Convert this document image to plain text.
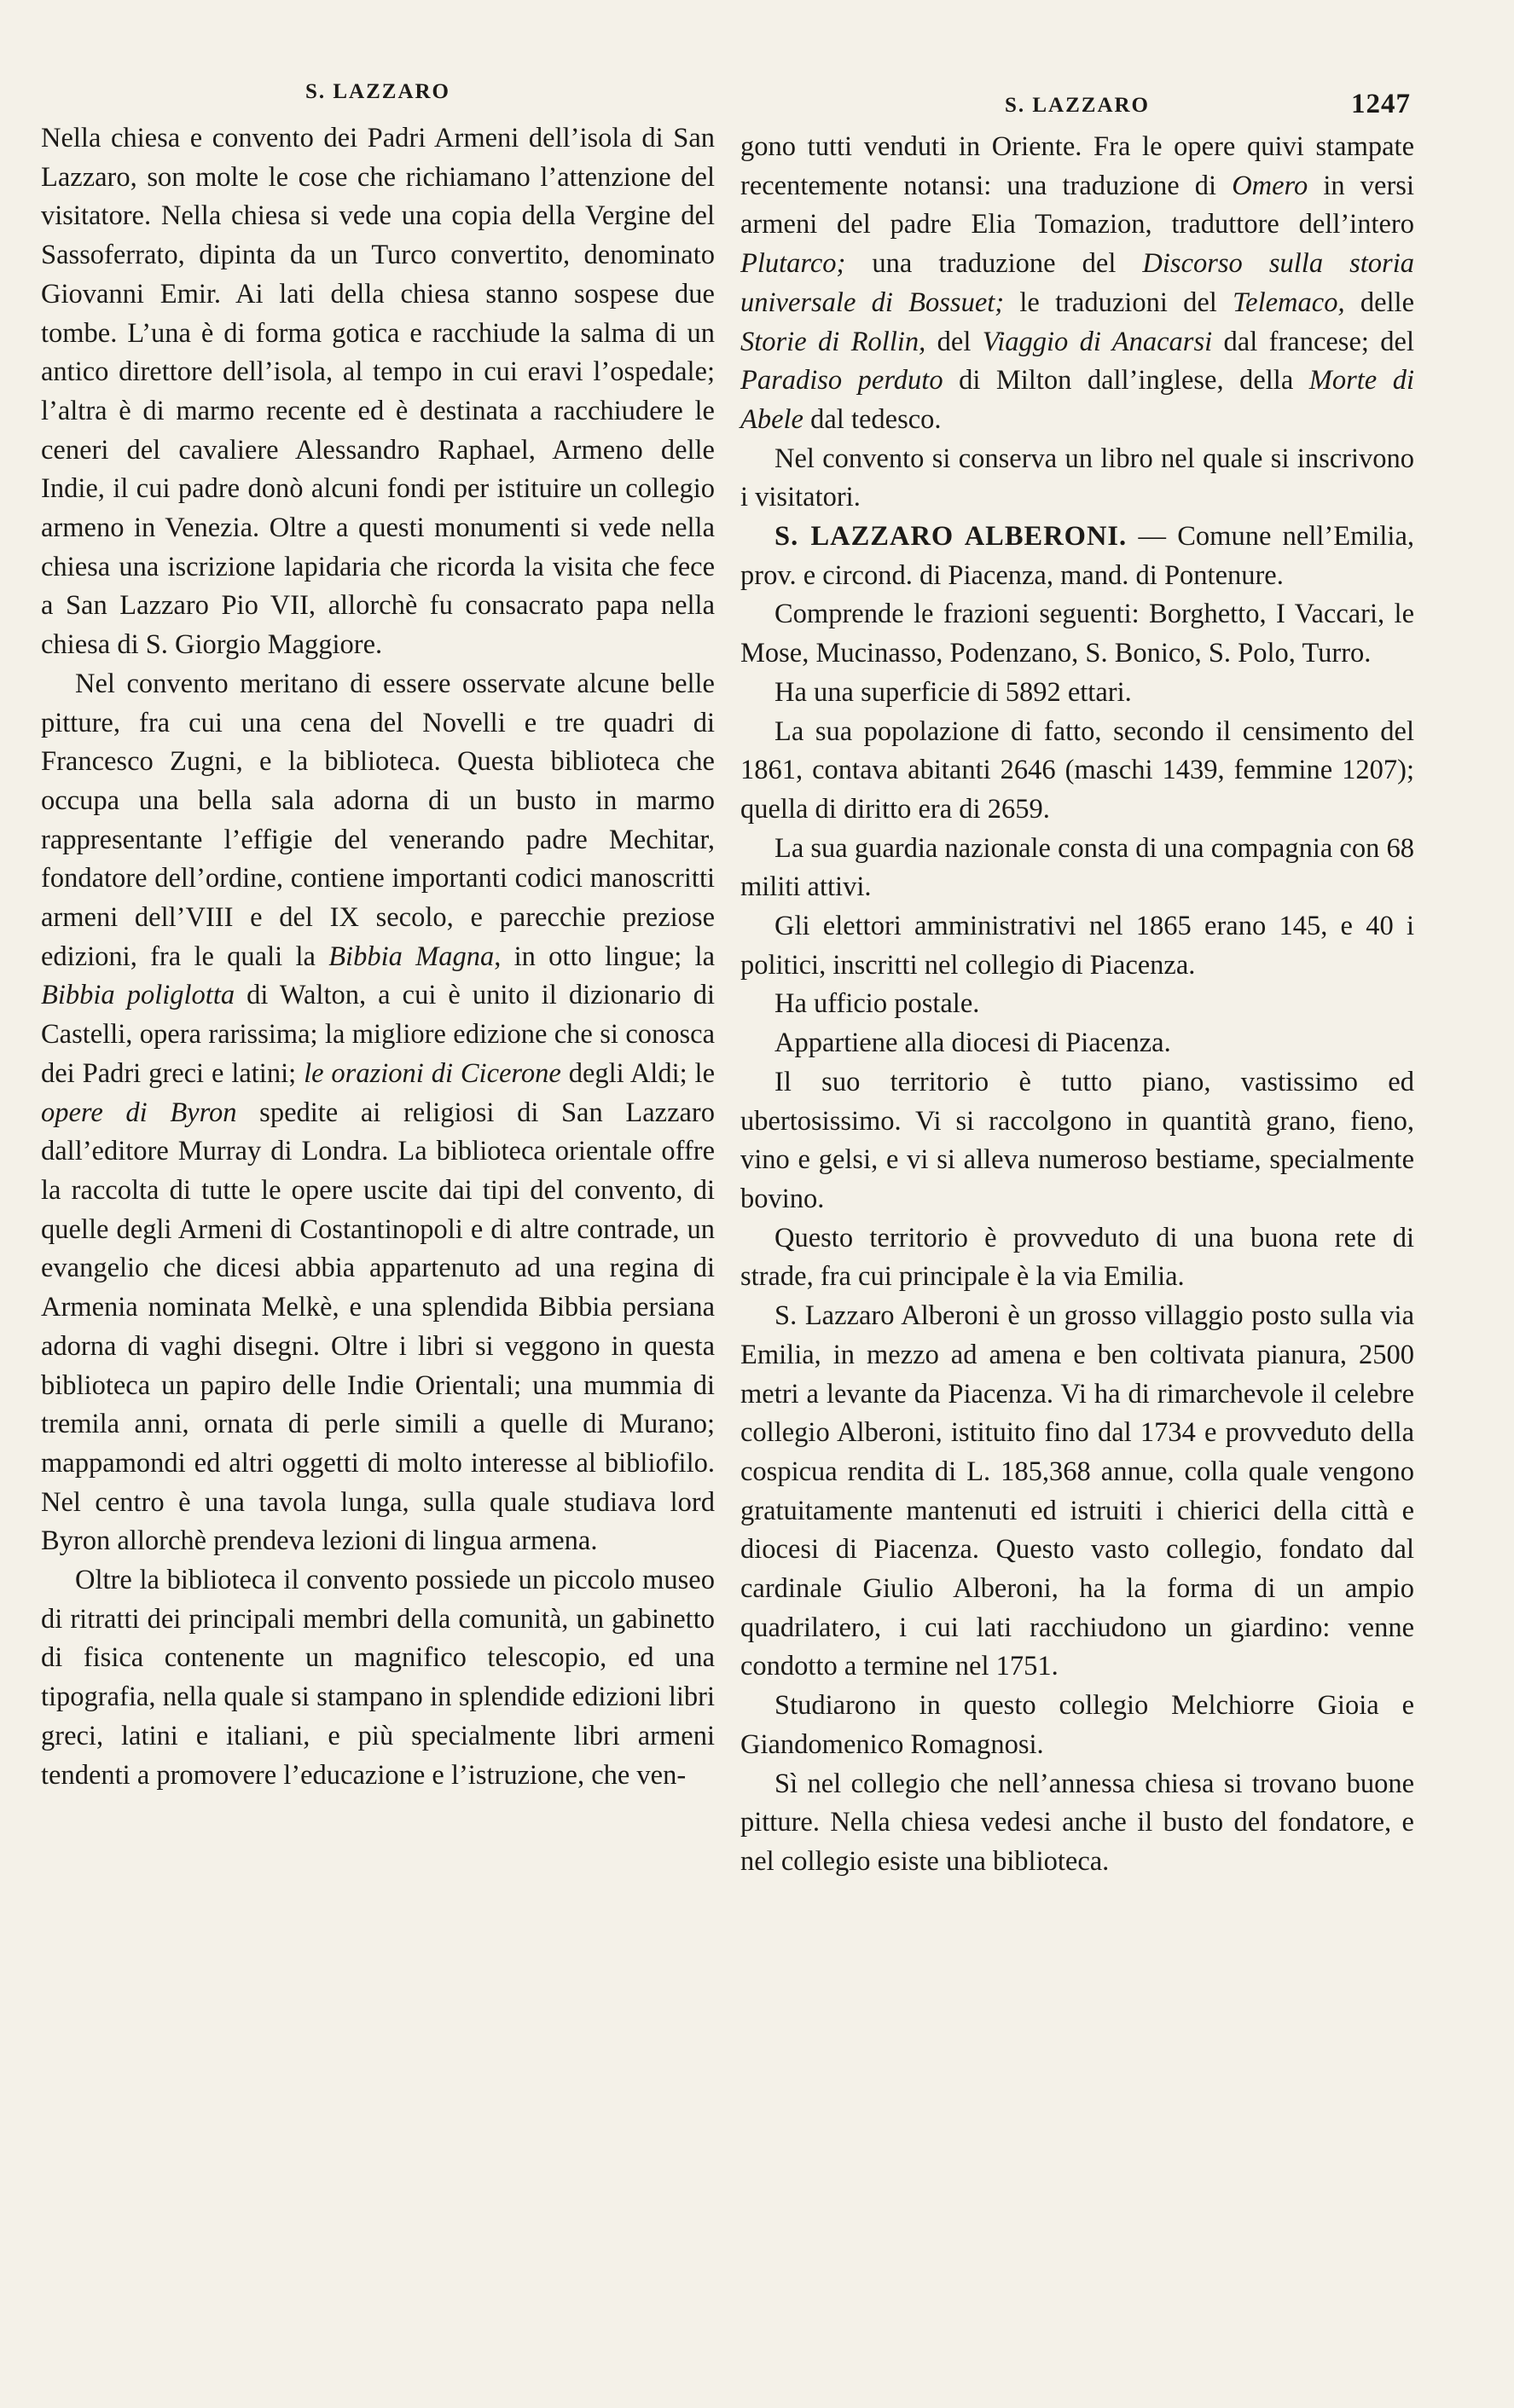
S. LAZZARO

Nella chiesa e convento dei Padri Armeni dell’isola di San Lazzaro, son molte le cose che richiamano l’attenzione del visitatore. Nella chiesa si vede una copia della Vergine del Sassoferrato, dipinta da un Turco convertito, denominato Giovanni Emir. Ai lati della chiesa stanno sospese due tombe. L’una è di forma gotica e racchiude la salma di un antico direttore dell’isola, al tempo in cui eravi l’ospedale; l’altra è di marmo recente ed è destinata a racchiudere le ceneri del cavaliere Alessandro Raphael, Armeno delle Indie, il cui padre donò alcuni fondi per istituire un collegio armeno in Venezia. Oltre a questi monumenti si vede nella chiesa una iscrizione lapidaria che ricorda la visita che fece a San Lazzaro Pio VII, allorchè fu consacrato papa nella chiesa di S. Giorgio Maggiore.

Nel convento meritano di essere osservate alcune belle pitture, fra cui una cena del Novelli e tre quadri di Francesco Zugni, e la biblioteca. Questa biblioteca che occupa una bella sala adorna di un busto in marmo rappresentante l’effigie del venerando padre Mechitar, fondatore dell’ordine, contiene importanti codici manoscritti armeni dell’VIII e del IX secolo, e parecchie preziose edizioni, fra le quali la Bibbia Magna, in otto lingue; la Bibbia poliglotta di Walton, a cui è unito il dizionario di Castelli, opera rarissima; la migliore edizione che si conosca dei Padri greci e latini; le orazioni di Cicerone degli Aldi; le opere di Byron spedite ai religiosi di San Lazzaro dall’editore Murray di Londra. La biblioteca orientale offre la raccolta di tutte le opere uscite dai tipi del convento, di quelle degli Armeni di Costantinopoli e di altre contrade, un evangelio che dicesi abbia appartenuto ad una regina di Armenia nominata Melkè, e una splendida Bibbia persiana adorna di vaghi disegni. Oltre i libri si veggono in questa biblioteca un papiro delle Indie Orientali; una mummia di tremila anni, ornata di perle simili a quelle di Murano; mappamondi ed altri oggetti di molto interesse al bibliofilo. Nel centro è una tavola lunga, sulla quale studiava lord Byron allorchè prendeva lezioni di lingua armena.

Oltre la biblioteca il convento possiede un piccolo museo di ritratti dei principali membri della comunità, un gabinetto di fisica contenente un magnifico telescopio, ed una tipografia, nella quale si stampano in splendide edizioni libri greci, latini e italiani, e più specialmente libri armeni tendenti a promovere l’educazione e l’istruzione, che ven-

S. LAZZARO	1247

gono tutti venduti in Oriente. Fra le opere quivi stampate recentemente notansi: una traduzione di Omero in versi armeni del padre Elia Tomazion, traduttore dell’intero Plutarco; una traduzione del Discorso sulla storia universale di Bossuet; le traduzioni del Telemaco, delle Storie di Rollin, del Viaggio di Anacarsi dal francese; del Paradiso perduto di Milton dall’inglese, della Morte di Abele dal tedesco.

Nel convento si conserva un libro nel quale si inscrivono i visitatori.

S. LAZZARO ALBERONI. — Comune nell’Emilia, prov. e circond. di Piacenza, mand. di Pontenure.

Comprende le frazioni seguenti: Borghetto, I Vaccari, le Mose, Mucinasso, Podenzano, S. Bonico, S. Polo, Turro.

Ha una superficie di 5892 ettari.

La sua popolazione di fatto, secondo il censimento del 1861, contava abitanti 2646 (maschi 1439, femmine 1207); quella di diritto era di 2659.

La sua guardia nazionale consta di una compagnia con 68 militi attivi.

Gli elettori amministrativi nel 1865 erano 145, e 40 i politici, inscritti nel collegio di Piacenza.

Ha ufficio postale.

Appartiene alla diocesi di Piacenza.

Il suo territorio è tutto piano, vastissimo ed ubertosissimo. Vi si raccolgono in quantità grano, fieno, vino e gelsi, e vi si alleva numeroso bestiame, specialmente bovino.

Questo territorio è provveduto di una buona rete di strade, fra cui principale è la via Emilia.

S. Lazzaro Alberoni è un grosso villaggio posto sulla via Emilia, in mezzo ad amena e ben coltivata pianura, 2500 metri a levante da Piacenza. Vi ha di rimarchevole il celebre collegio Alberoni, istituito fino dal 1734 e provveduto della cospicua rendita di L. 185,368 annue, colla quale vengono gratuitamente mantenuti ed istruiti i chierici della città e diocesi di Piacenza. Questo vasto collegio, fondato dal cardinale Giulio Alberoni, ha la forma di un ampio quadrilatero, i cui lati racchiudono un giardino: venne condotto a termine nel 1751.

Studiarono in questo collegio Melchiorre Gioia e Giandomenico Romagnosi.

Sì nel collegio che nell’annessa chiesa si trovano buone pitture. Nella chiesa vedesi anche il busto del fondatore, e nel collegio esiste una biblioteca.
